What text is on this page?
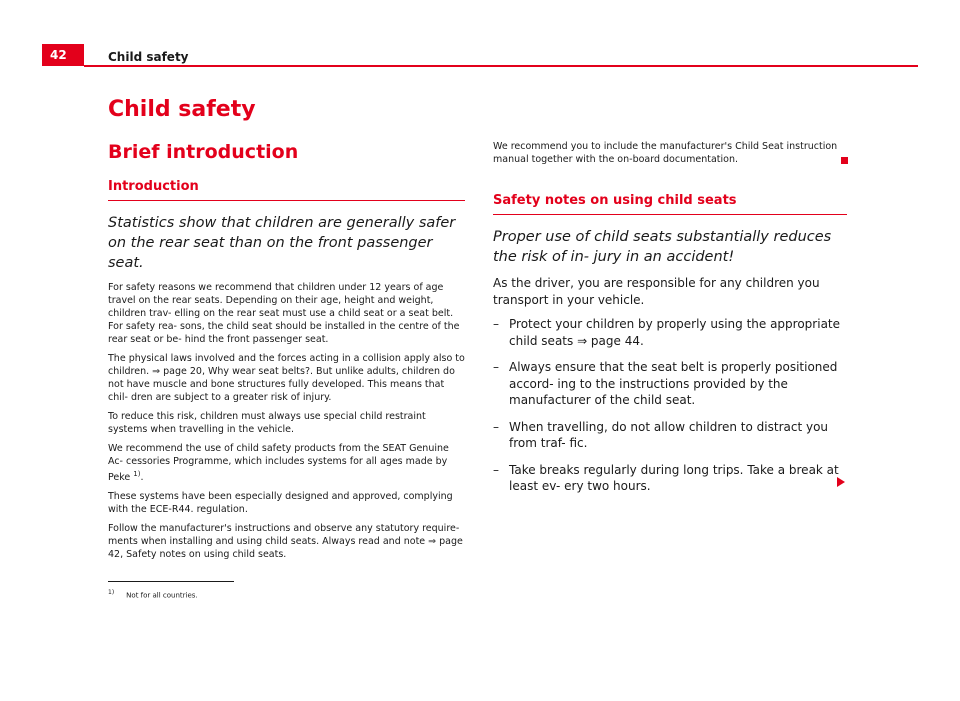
42	Child safety
Child safety
Brief introduction

Introduction

Statistics show that children are generally safer on the rear seat than on the front passenger seat.

For safety reasons we recommend that children under 12 years of age travel on the rear seats. Depending on their age, height and weight, children trav- elling on the rear seat must use a child seat or a seat belt. For safety rea- sons, the child seat should be installed in the centre of the rear seat or be- hind the front passenger seat.

The physical laws involved and the forces acting in a collision apply also to children. ⇒ page 20, Why wear seat belts?. But unlike adults, children do not have muscle and bone structures fully developed. This means that chil- dren are subject to a greater risk of injury.

To reduce this risk, children must always use special child restraint systems when travelling in the vehicle.

We recommend the use of child safety products from the SEAT Genuine Ac- cessories Programme, which includes systems for all ages made by Peke $^{1)}$.

These systems have been especially designed and approved, complying with the ECE-R44. regulation.

Follow the manufacturer's instructions and observe any statutory require- ments when installing and using child seats. Always read and note ⇒ page 42, Safety notes on using child seats.

We recommend you to include the manufacturer's Child Seat instruction manual together with the on-board documentation.

Safety notes on using child seats

Proper use of child seats substantially reduces the risk of in- jury in an accident!

As the driver, you are responsible for any children you transport in your vehicle.

– Protect your children by properly using the appropriate child seats ⇒ page 44.
– Always ensure that the seat belt is properly positioned accord- ing to the instructions provided by the manufacturer of the child seat.
– When travelling, do not allow children to distract you from traf- fic.
– Take breaks regularly during long trips. Take a break at least ev- ery two hours.
1) Not for all countries.
